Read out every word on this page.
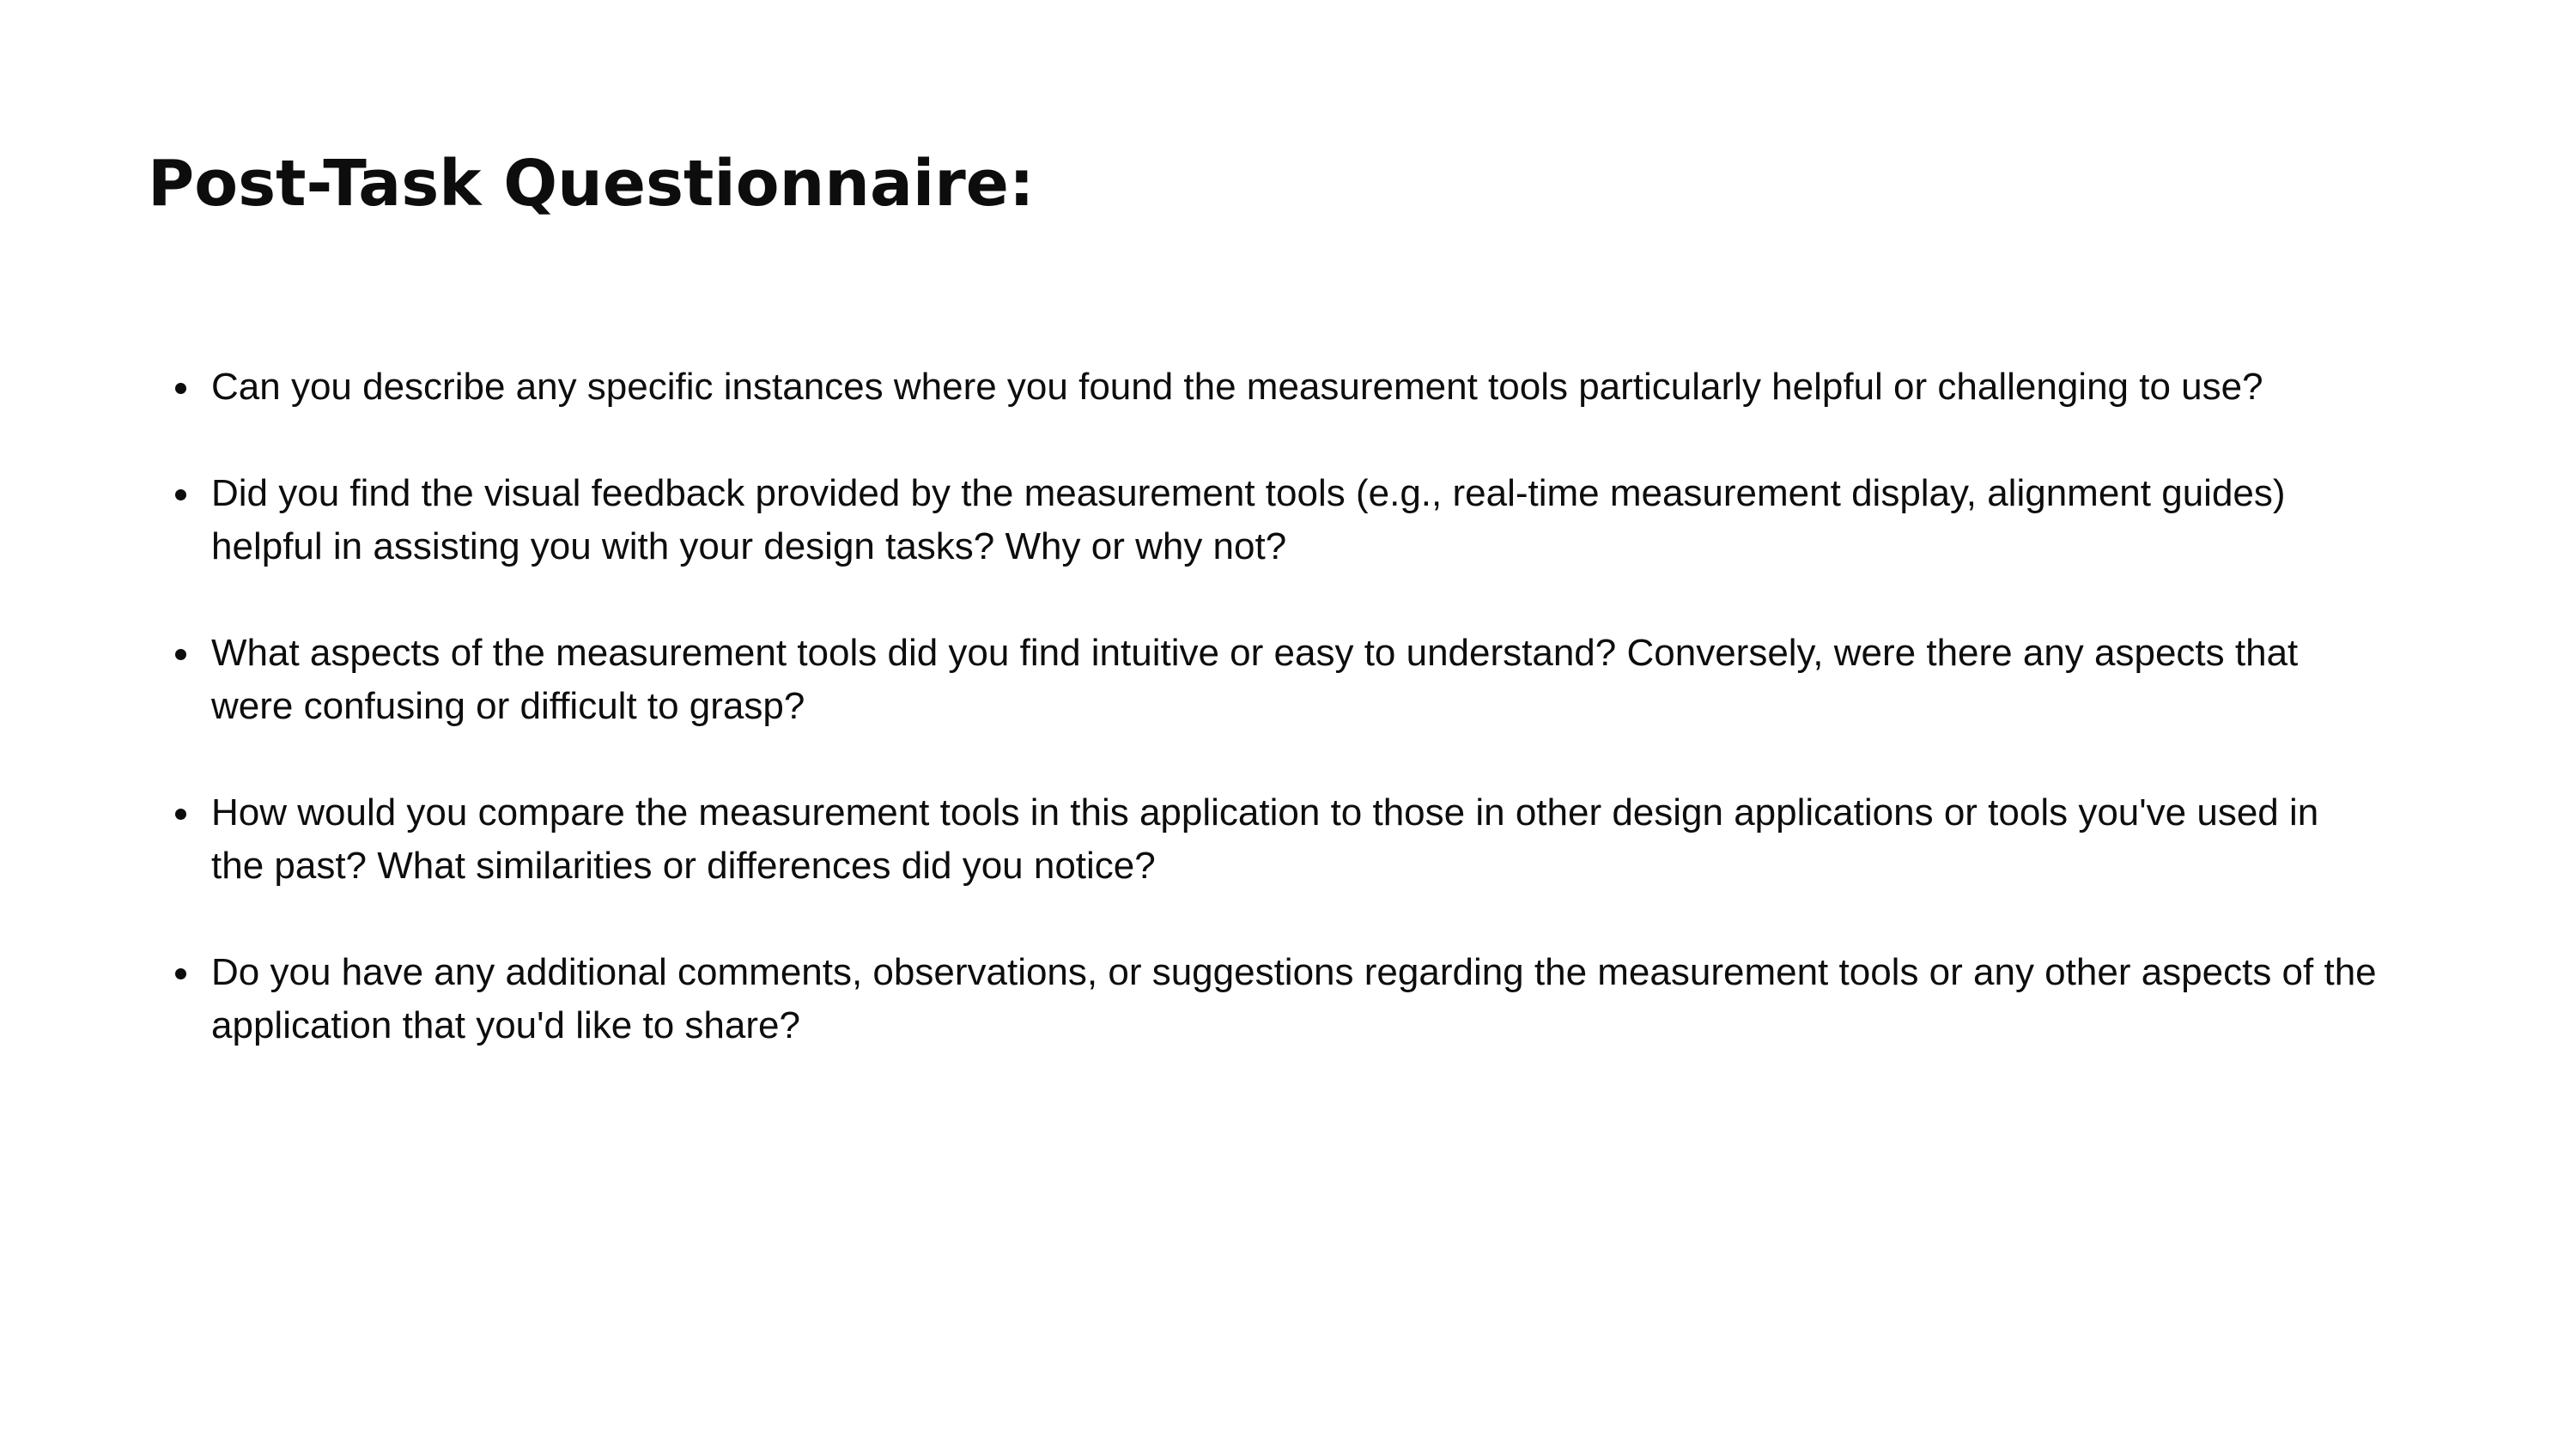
Post-Task Questionnaire:
Can you describe any specific instances where you found the measurement tools particularly helpful or challenging to use?
Did you find the visual feedback provided by the measurement tools (e.g., real-time measurement display, alignment guides) helpful in assisting you with your design tasks? Why or why not?
What aspects of the measurement tools did you find intuitive or easy to understand? Conversely, were there any aspects that were confusing or difficult to grasp?
How would you compare the measurement tools in this application to those in other design applications or tools you've used in the past? What similarities or differences did you notice?
Do you have any additional comments, observations, or suggestions regarding the measurement tools or any other aspects of the application that you'd like to share?
